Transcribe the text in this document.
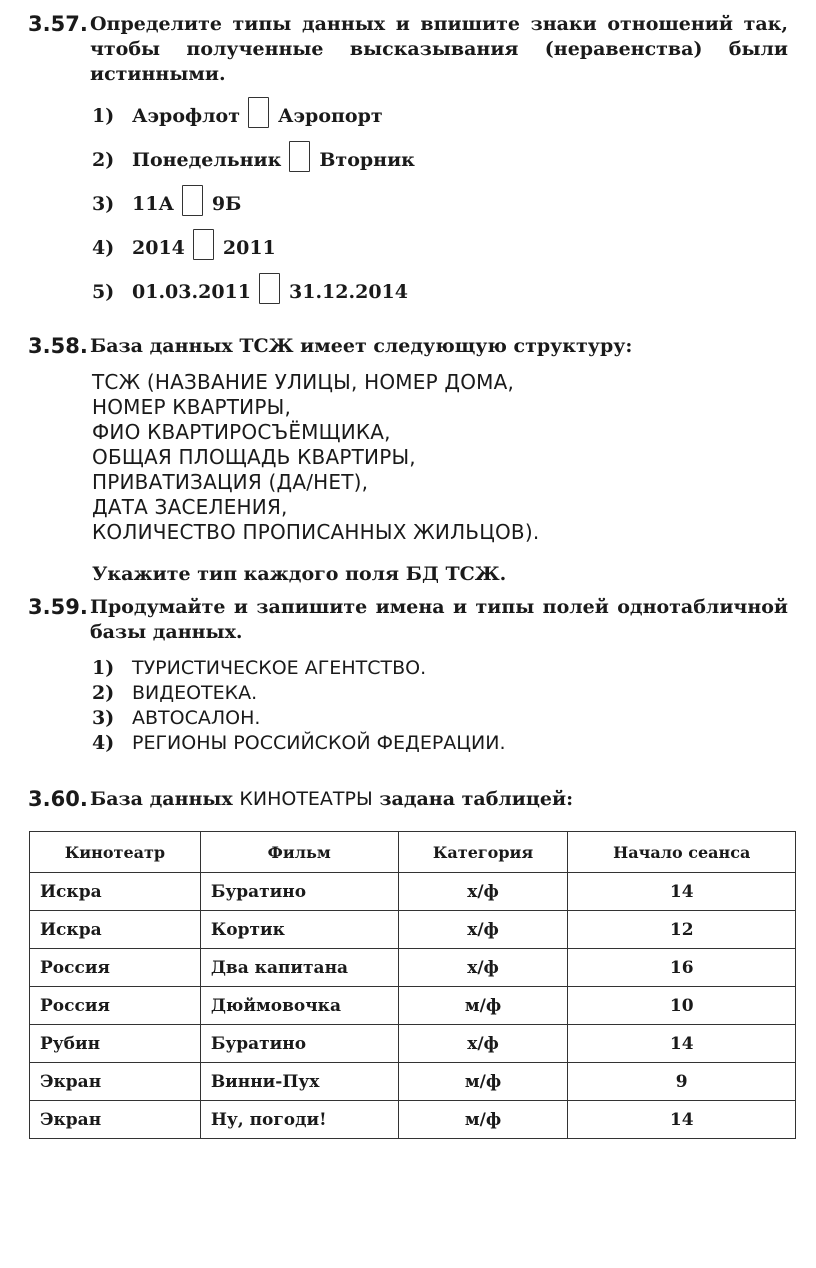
3.57. Определите типы данных и впишите знаки отношений так, чтобы полученные высказывания (неравенства) были истинными.
1) Аэрофлот Аэропорт
2) Понедельник Вторник
3) 11А 9Б
4) 2014 2011
5) 01.03.2011 31.12.2014
3.58. База данных ТСЖ имеет следующую структуру:
ТСЖ (НАЗВАНИЕ УЛИЦЫ, НОМЕР ДОМА,
НОМЕР КВАРТИРЫ,
ФИО КВАРТИРОСЪЁМЩИКА,
ОБЩАЯ ПЛОЩАДЬ КВАРТИРЫ,
ПРИВАТИЗАЦИЯ (ДА/НЕТ),
ДАТА ЗАСЕЛЕНИЯ,
КОЛИЧЕСТВО ПРОПИСАННЫХ ЖИЛЬЦОВ).
Укажите тип каждого поля БД ТСЖ.
3.59. Продумайте и запишите имена и типы полей однотабличной базы данных.
1) ТУРИСТИЧЕСКОЕ АГЕНТСТВО.
2) ВИДЕОТЕКА.
3) АВТОСАЛОН.
4) РЕГИОНЫ РОССИЙСКОЙ ФЕДЕРАЦИИ.
3.60. База данных КИНОТЕАТРЫ задана таблицей:
Кинотеатр	Фильм	Категория	Начало сеанса
Искра	Буратино	х/ф	14
Искра	Кортик	х/ф	12
Россия	Два капитана	х/ф	16
Россия	Дюймовочка	м/ф	10
Рубин	Буратино	х/ф	14
Экран	Винни-Пух	м/ф	9
Экран	Ну, погоди!	м/ф	14
